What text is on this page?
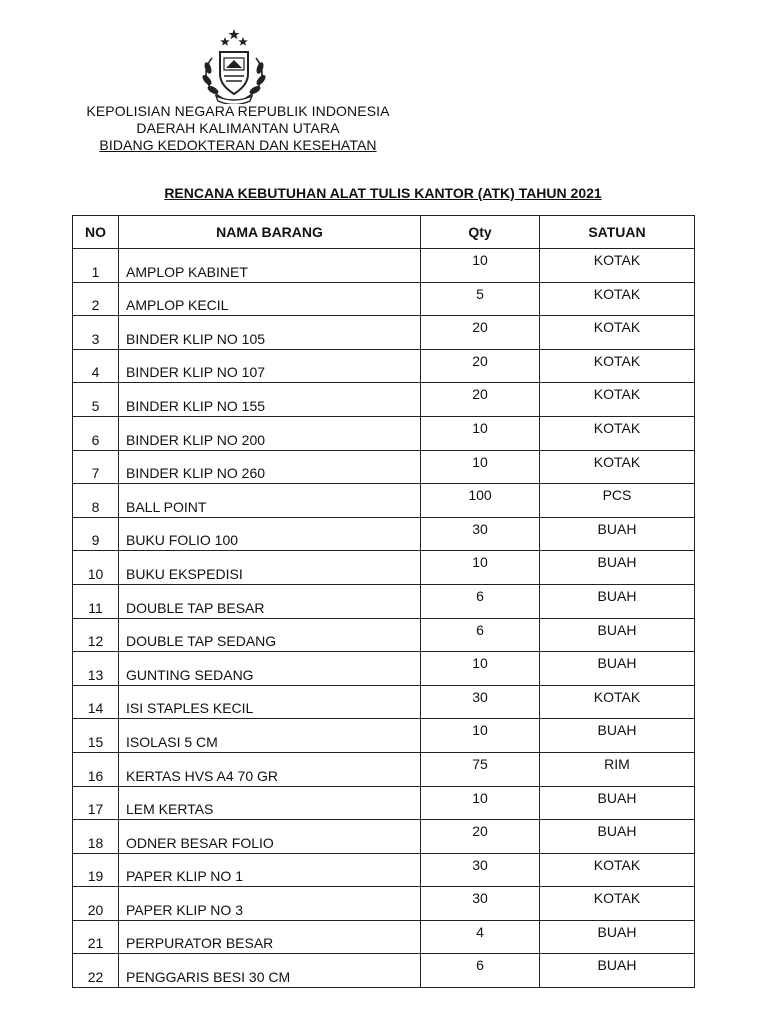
KEPOLISIAN NEGARA REPUBLIK INDONESIA
DAERAH KALIMANTAN UTARA
BIDANG KEDOKTERAN DAN KESEHATAN
RENCANA KEBUTUHAN ALAT TULIS KANTOR (ATK) TAHUN 2021
NO	NAMA BARANG	Qty	SATUAN
1	AMPLOP KABINET	10	KOTAK
2	AMPLOP KECIL	5	KOTAK
3	BINDER KLIP NO 105	20	KOTAK
4	BINDER KLIP NO 107	20	KOTAK
5	BINDER KLIP NO 155	20	KOTAK
6	BINDER KLIP NO 200	10	KOTAK
7	BINDER KLIP NO 260	10	KOTAK
8	BALL POINT	100	PCS
9	BUKU FOLIO 100	30	BUAH
10	BUKU EKSPEDISI	10	BUAH
11	DOUBLE TAP BESAR	6	BUAH
12	DOUBLE TAP SEDANG	6	BUAH
13	GUNTING SEDANG	10	BUAH
14	ISI STAPLES KECIL	30	KOTAK
15	ISOLASI 5 CM	10	BUAH
16	KERTAS HVS A4 70 GR	75	RIM
17	LEM KERTAS	10	BUAH
18	ODNER BESAR FOLIO	20	BUAH
19	PAPER KLIP NO 1	30	KOTAK
20	PAPER KLIP NO 3	30	KOTAK
21	PERPURATOR BESAR	4	BUAH
22	PENGGARIS BESI 30 CM	6	BUAH
